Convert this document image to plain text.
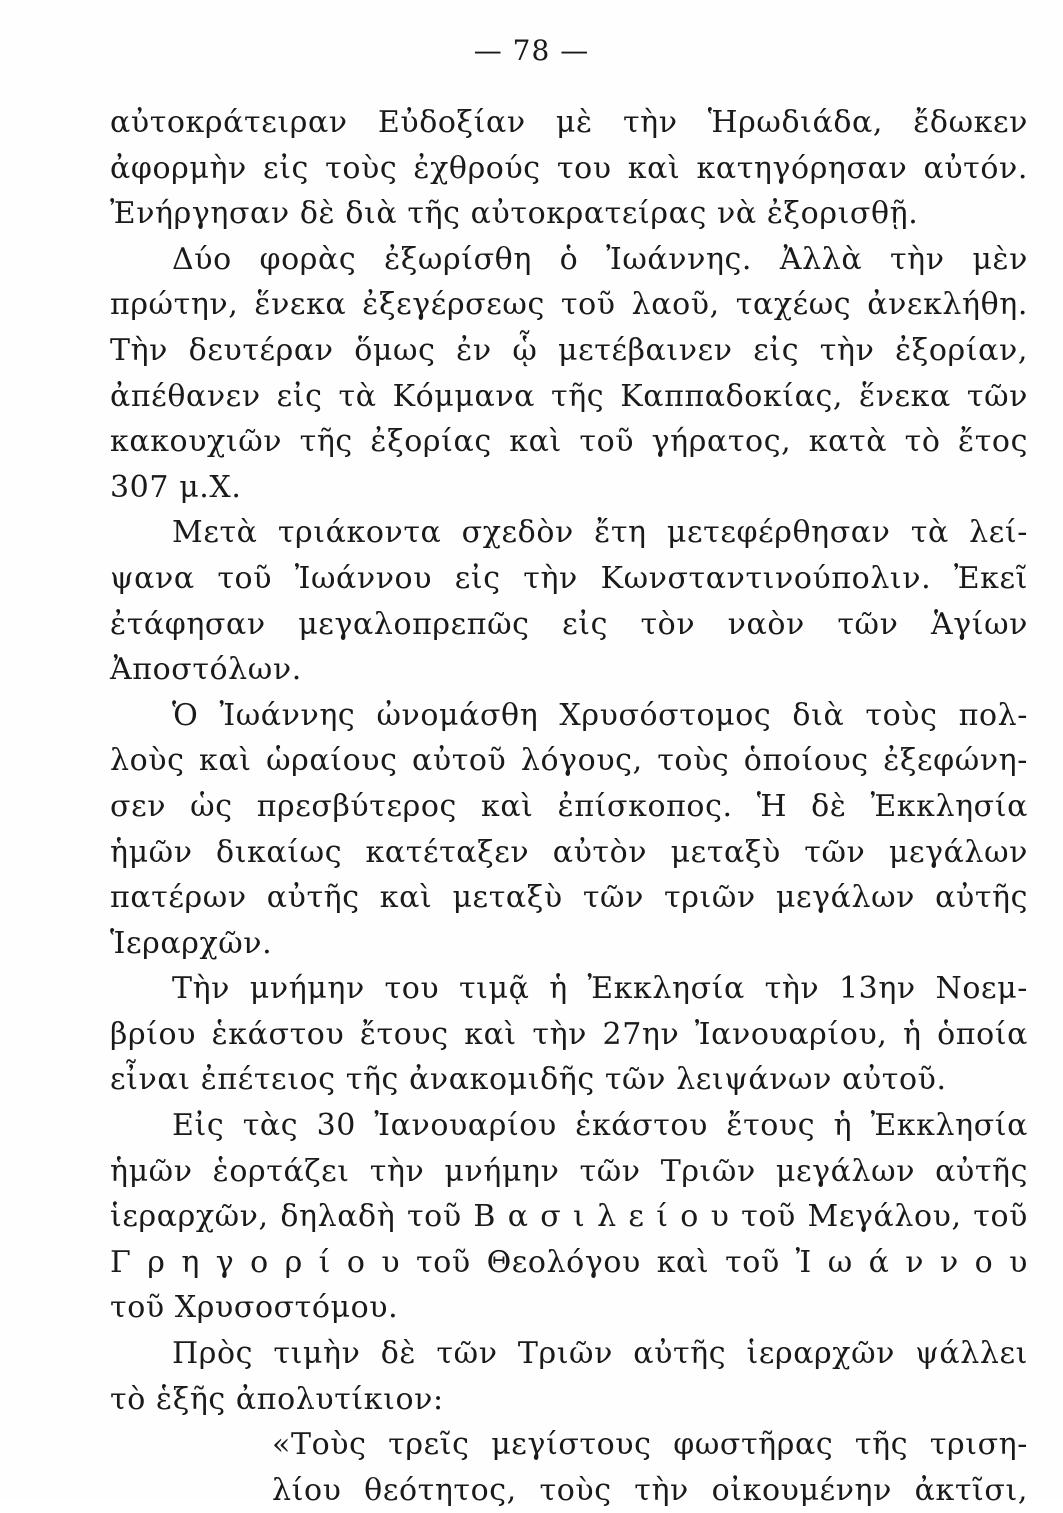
— 78 —
αὐτοκράτειραν Εὐδοξίαν μὲ τὴν Ἡρωδιάδα, ἔδωκεν
ἀφορμὴν εἰς τοὺς ἐχθρούς του καὶ κατηγόρησαν αὐτόν.
Ἐνήργησαν δὲ διὰ τῆς αὐτοκρατείρας νὰ ἐξορισθῇ.
Δύο φορὰς ἐξωρίσθη ὁ Ἰωάννης. Ἀλλὰ τὴν μὲν
πρώτην, ἕνεκα ἐξεγέρσεως τοῦ λαοῦ, ταχέως ἀνεκλήθη.
Τὴν δευτέραν ὅμως ἐν ᾧ μετέβαινεν εἰς τὴν ἐξορίαν,
ἀπέθανεν εἰς τὰ Κόμμανα τῆς Καππαδοκίας, ἕνεκα τῶν
κακουχιῶν τῆς ἐξορίας καὶ τοῦ γήρατος, κατὰ τὸ ἔτος
307 μ.Χ.
Μετὰ τριάκοντα σχεδὸν ἔτη μετεφέρθησαν τὰ λεί-
ψανα τοῦ Ἰωάννου εἰς τὴν Κωνσταντινούπολιν. Ἐκεῖ
ἐτάφησαν μεγαλοπρεπῶς εἰς τὸν ναὸν τῶν Ἁγίων
Ἀποστόλων.
Ὁ Ἰωάννης ὠνομάσθη Χρυσόστομος διὰ τοὺς πολ-
λοὺς καὶ ὡραίους αὐτοῦ λόγους, τοὺς ὁποίους ἐξεφώνη-
σεν ὡς πρεσβύτερος καὶ ἐπίσκοπος. Ἡ δὲ Ἐκκλησία
ἡμῶν δικαίως κατέταξεν αὐτὸν μεταξὺ τῶν μεγάλων
πατέρων αὐτῆς καὶ μεταξὺ τῶν τριῶν μεγάλων αὐτῆς
Ἱεραρχῶν.
Τὴν μνήμην του τιμᾷ ἡ Ἐκκλησία τὴν 13ην Νοεμ-
βρίου ἑκάστου ἔτους καὶ τὴν 27ην Ἰανουαρίου, ἡ ὁποία
εἶναι ἐπέτειος τῆς ἀνακομιδῆς τῶν λειψάνων αὐτοῦ.
Εἰς τὰς 30 Ἰανουαρίου ἑκάστου ἔτους ἡ Ἐκκλησία
ἡμῶν ἑορτάζει τὴν μνήμην τῶν Τριῶν μεγάλων αὐτῆς
ἱεραρχῶν, δηλαδὴ τοῦ Β α σ ι λ ε ί ο υ τοῦ Μεγάλου, τοῦ
Γ ρ η γ ο ρ ί ο υ τοῦ Θεολόγου καὶ τοῦ Ἰ ω ά ν ν ο υ
τοῦ Χρυσοστόμου.
Πρὸς τιμὴν δὲ τῶν Τριῶν αὐτῆς ἱεραρχῶν ψάλλει
τὸ ἑξῆς ἀπολυτίκιον:
«Τοὺς τρεῖς μεγίστους φωστῆρας τῆς τριση-
λίου θεότητος, τοὺς τὴν οἰκουμένην ἀκτῖσι,
